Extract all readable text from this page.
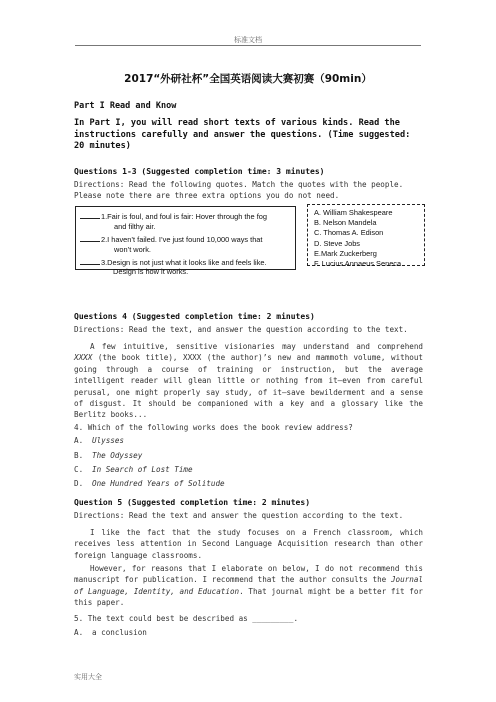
标准文档
2017“外研社杯”全国英语阅读大赛初赛（90min）
Part I Read and Know
In Part I, you will read short texts of various kinds. Read the instructions carefully and answer the questions. (Time suggested: 20 minutes)
Questions 1-3 (Suggested completion time: 3 minutes)
Directions: Read the following quotes. Match the quotes with the people. Please note there are three extra options you do not need.
1.Fair is foul, and foul is fair: Hover through the fog
and filthy air.
2.I haven’t failed. I’ve just found 10,000 ways that
won’t work.
3.Design is not just what it looks like and feels like.
Design is how it works.
A. William Shakespeare
B. Nelson Mandela
C. Thomas A. Edison
D. Steve Jobs
E.Mark Zuckerberg
F. Lucius Annaeus Seneca
Questions 4 (Suggested completion time: 2 minutes)
Directions: Read the text, and answer the question according to the text.
A few intuitive, sensitive visionaries may understand and comprehend XXXX (the book title), XXXX (the author)’s new and mammoth volume, without going through a course of training or instruction, but the average intelligent reader will glean little or nothing from it—even from careful perusal, one might properly say study, of it—save bewilderment and a sense of disgust. It should be companioned with a key and a glossary like the Berlitz books...
4. Which of the following works does the book review address?
A. Ulysses
B. The Odyssey
C. In Search of Lost Time
D. One Hundred Years of Solitude
Question 5 (Suggested completion time: 2 minutes)
Directions: Read the text and answer the question according to the text.
I like the fact that the study focuses on a French classroom, which receives less attention in Second Language Acquisition research than other foreign language classrooms.
However, for reasons that I elaborate on below, I do not recommend this manuscript for publication. I recommend that the author consults the Journal of Language, Identity, and Education. That journal might be a better fit for this paper.
5. The text could best be described as _________.
A. a conclusion
实用大全
